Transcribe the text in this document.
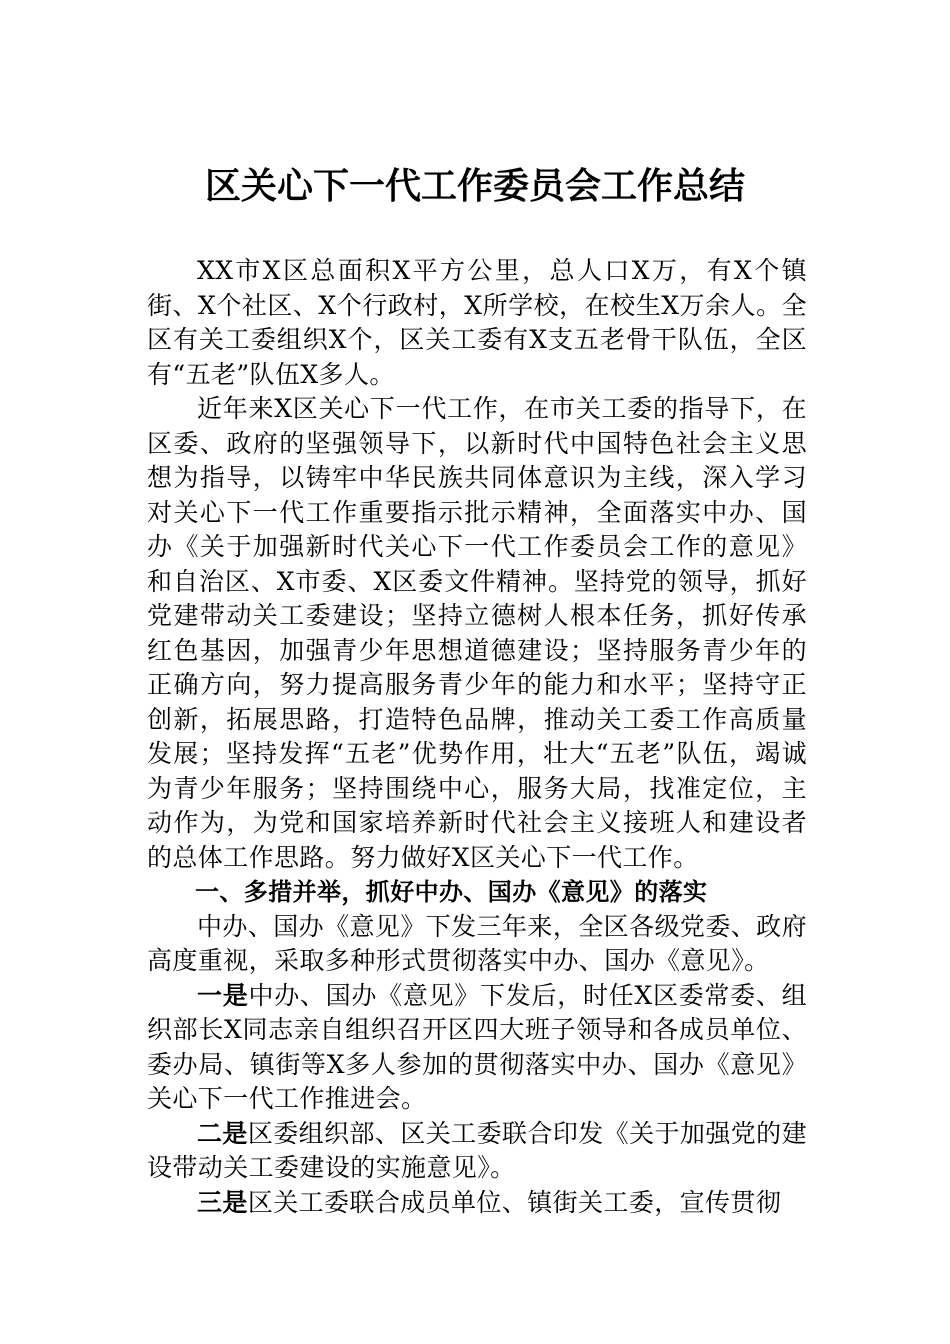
区关心下一代工作委员会工作总结

XX市X区总面积X平方公里，总人口X万，有X个镇街、X个社区、X个行政村，X所学校，在校生X万余人。全区有关工委组织X个，区关工委有X支五老骨干队伍，全区有“五老”队伍X多人。

近年来X区关心下一代工作，在市关工委的指导下，在区委、政府的坚强领导下，以新时代中国特色社会主义思想为指导，以铸牢中华民族共同体意识为主线，深入学习对关心下一代工作重要指示批示精神，全面落实中办、国办《关于加强新时代关心下一代工作委员会工作的意见》和自治区、X市委、X区委文件精神。坚持党的领导，抓好党建带动关工委建设；坚持立德树人根本任务，抓好传承红色基因，加强青少年思想道德建设；坚持服务青少年的正确方向，努力提高服务青少年的能力和水平；坚持守正创新，拓展思路，打造特色品牌，推动关工委工作高质量发展；坚持发挥“五老”优势作用，壮大“五老”队伍，竭诚为青少年服务；坚持围绕中心，服务大局，找准定位，主动作为，为党和国家培养新时代社会主义接班人和建设者的总体工作思路。努力做好X区关心下一代工作。

一、多措并举，抓好中办、国办《意见》的落实

中办、国办《意见》下发三年来，全区各级党委、政府高度重视，采取多种形式贯彻落实中办、国办《意见》。

一是中办、国办《意见》下发后，时任X区委常委、组织部长X同志亲自组织召开区四大班子领导和各成员单位、委办局、镇街等X多人参加的贯彻落实中办、国办《意见》关心下一代工作推进会。

二是区委组织部、区关工委联合印发《关于加强党的建设带动关工委建设的实施意见》。

三是区关工委联合成员单位、镇街关工委，宣传贯彻
